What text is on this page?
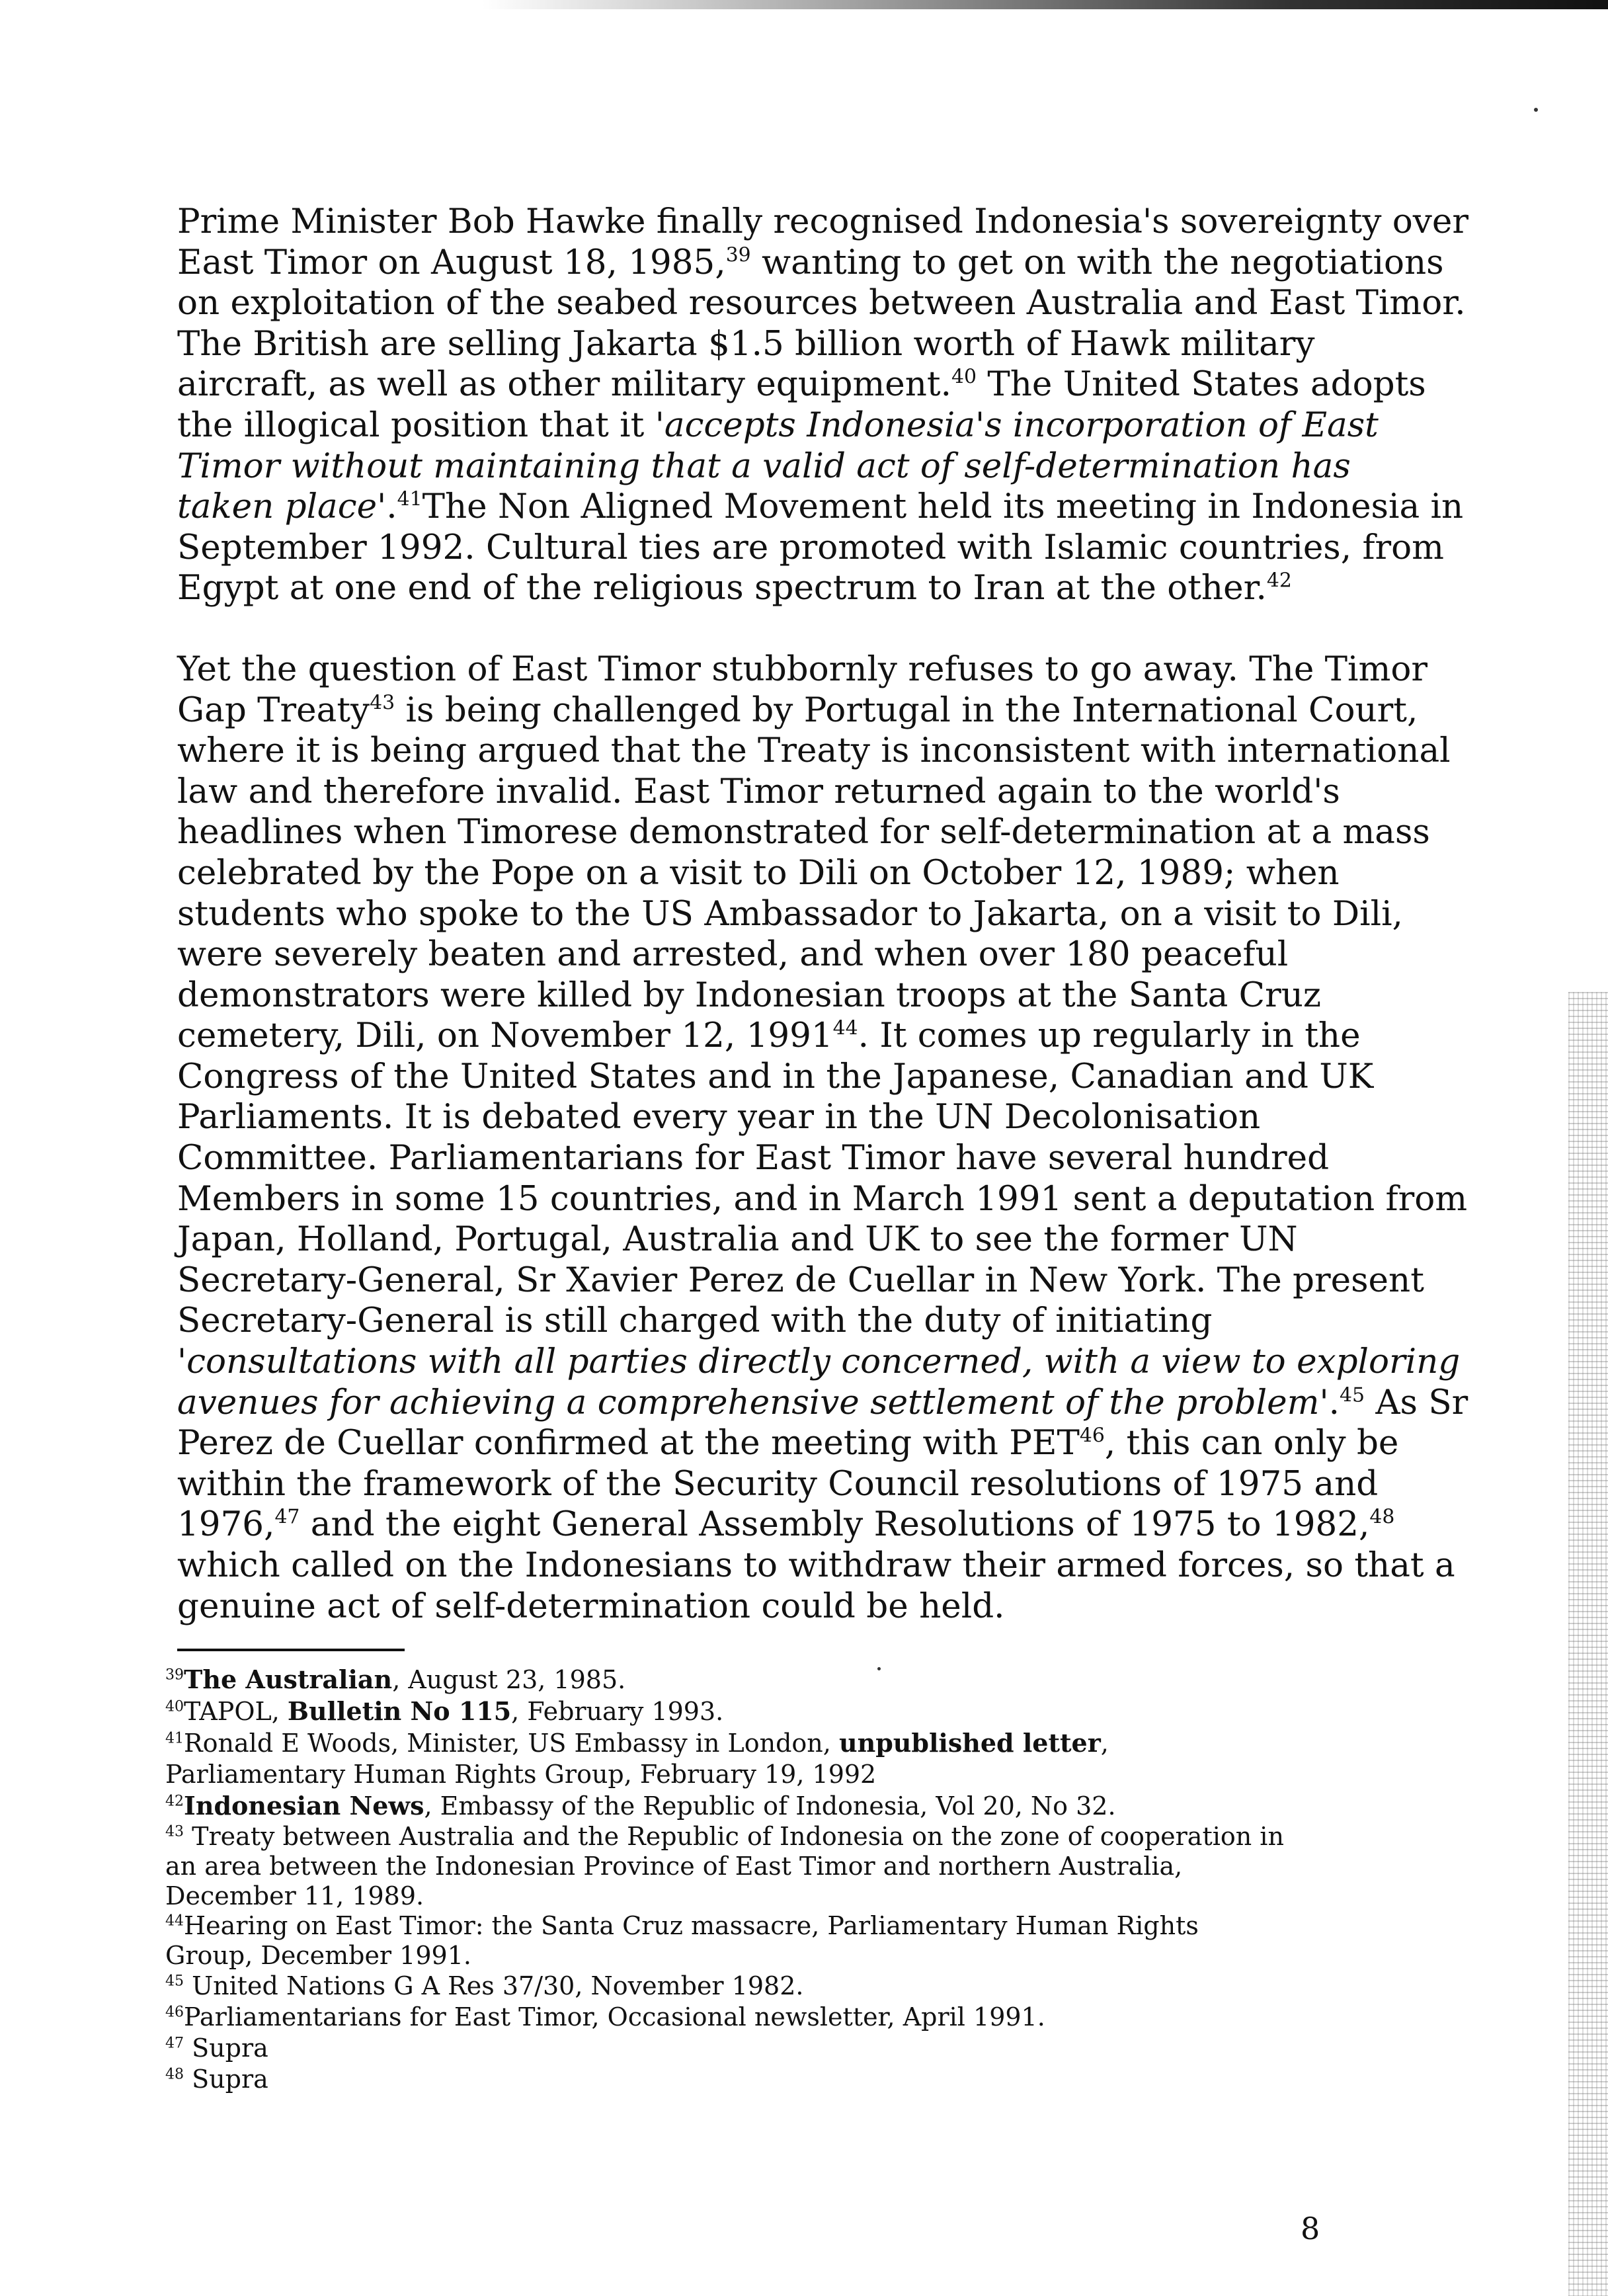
Prime Minister Bob Hawke finally recognised Indonesia's sovereignty over
East Timor on August 18, 1985,39 wanting to get on with the negotiations
on exploitation of the seabed resources between Australia and East Timor.
The British are selling Jakarta $1.5 billion worth of Hawk military
aircraft, as well as other military equipment.$^{40}$ The United States adopts
the illogical position that it 'accepts Indonesia's incorporation of East
Timor without maintaining that a valid act of self-determination has
taken place'.$^{41}$The Non Aligned Movement held its meeting in Indonesia in
September 1992. Cultural ties are promoted with Islamic countries, from
Egypt at one end of the religious spectrum to Iran at the other.$^{42}$

Yet the question of East Timor stubbornly refuses to go away. The Timor
Gap Treaty$^{43}$ is being challenged by Portugal in the International Court,
where it is being argued that the Treaty is inconsistent with international
law and therefore invalid. East Timor returned again to the world's
headlines when Timorese demonstrated for self-determination at a mass
celebrated by the Pope on a visit to Dili on October 12, 1989; when
students who spoke to the US Ambassador to Jakarta, on a visit to Dili,
were severely beaten and arrested, and when over 180 peaceful
demonstrators were killed by Indonesian troops at the Santa Cruz
cemetery, Dili, on November 12, 1991$^{44}$. It comes up regularly in the
Congress of the United States and in the Japanese, Canadian and UK
Parliaments. It is debated every year in the UN Decolonisation
Committee. Parliamentarians for East Timor have several hundred
Members in some 15 countries, and in March 1991 sent a deputation from
Japan, Holland, Portugal, Australia and UK to see the former UN
Secretary-General, Sr Xavier Perez de Cuellar in New York. The present
Secretary-General is still charged with the duty of initiating
'consultations with all parties directly concerned, with a view to exploring
avenues for achieving a comprehensive settlement of the problem'.$^{45}$ As Sr
Perez de Cuellar confirmed at the meeting with PET$^{46}$, this can only be
within the framework of the Security Council resolutions of 1975 and
1976,47 and the eight General Assembly Resolutions of 1975 to 1982,48
which called on the Indonesians to withdraw their armed forces, so that a
genuine act of self-determination could be held.

$^{39}$The Australian, August 23, 1985.
$^{40}$TAPOL, Bulletin No 115, February 1993.
$^{41}$Ronald E Woods, Minister, US Embassy in London, unpublished letter,
Parliamentary Human Rights Group, February 19, 1992
$^{42}$Indonesian News, Embassy of the Republic of Indonesia, Vol 20, No 32.
$^{43}$ Treaty between Australia and the Republic of Indonesia on the zone of cooperation in
an area between the Indonesian Province of East Timor and northern Australia,
December 11, 1989.
$^{44}$Hearing on East Timor: the Santa Cruz massacre, Parliamentary Human Rights
Group, December 1991.
$^{45}$ United Nations G A Res 37/30, November 1982.
$^{46}$Parliamentarians for East Timor, Occasional newsletter, April 1991.
$^{47}$ Supra
$^{48}$ Supra
8
